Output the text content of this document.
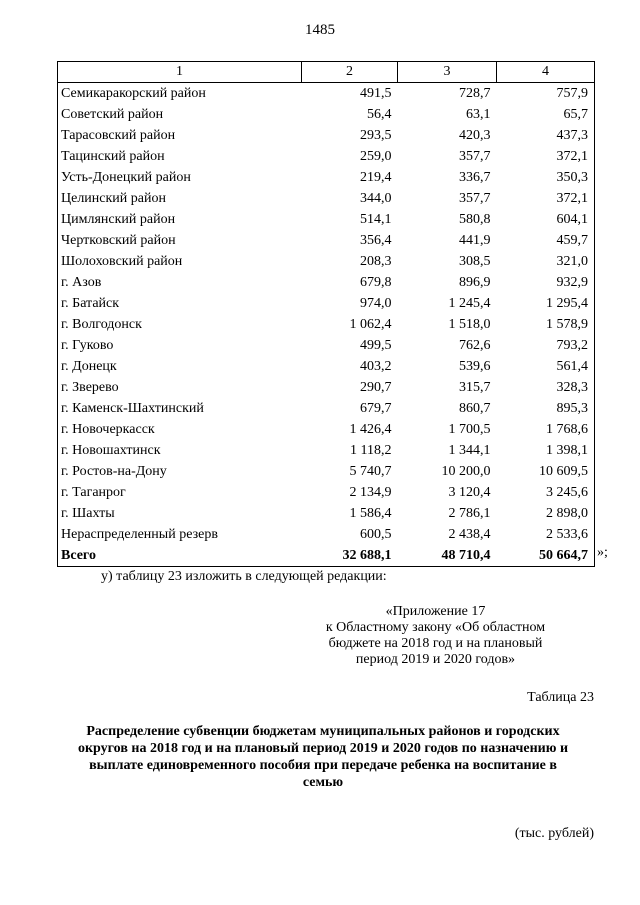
1485
1	2	3	4
Семикаракорский район	491,5	728,7	757,9
Советский район	56,4	63,1	65,7
Тарасовский район	293,5	420,3	437,3
Тацинский район	259,0	357,7	372,1
Усть-Донецкий район	219,4	336,7	350,3
Целинский район	344,0	357,7	372,1
Цимлянский район	514,1	580,8	604,1
Чертковский район	356,4	441,9	459,7
Шолоховский район	208,3	308,5	321,0
г. Азов	679,8	896,9	932,9
г. Батайск	974,0	1 245,4	1 295,4
г. Волгодонск	1 062,4	1 518,0	1 578,9
г. Гуково	499,5	762,6	793,2
г. Донецк	403,2	539,6	561,4
г. Зверево	290,7	315,7	328,3
г. Каменск-Шахтинский	679,7	860,7	895,3
г. Новочеркасск	1 426,4	1 700,5	1 768,6
г. Новошахтинск	1 118,2	1 344,1	1 398,1
г. Ростов-на-Дону	5 740,7	10 200,0	10 609,5
г. Таганрог	2 134,9	3 120,4	3 245,6
г. Шахты	1 586,4	2 786,1	2 898,0
Нераспределенный резерв	600,5	2 438,4	2 533,6
Всего	32 688,1	48 710,4	50 664,7 »;
у) таблицу 23 изложить в следующей редакции:
«Приложение 17
к Областному закону «Об областном
бюджете на 2018 год и на плановый
период 2019 и 2020 годов»
Таблица 23
Распределение субвенции бюджетам муниципальных районов и городских
округов на 2018 год и на плановый период 2019 и 2020 годов по назначению и
выплате единовременного пособия при передаче ребенка на воспитание в
семью
(тыс. рублей)
